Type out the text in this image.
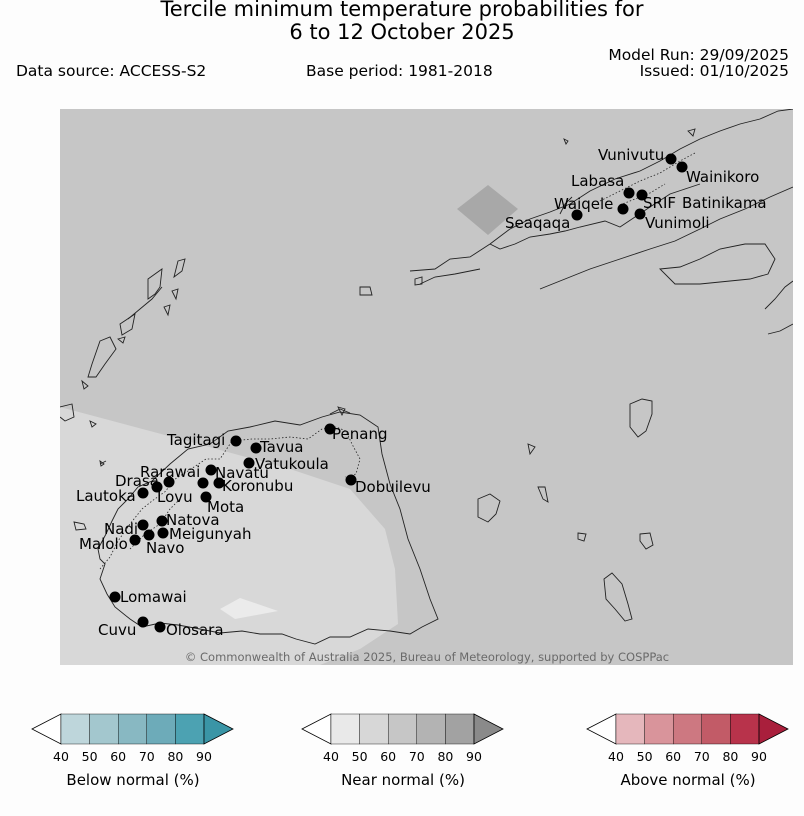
Tercile minimum temperature probabilities for
6 to 12 October 2025
Data source: ACCESS-S2	Base period: 1981-2018
Model Run: 29/09/2025
Issued: 01/10/2025
Vunivutu
Wainikoro
Labasa
Waiqele SRIF Batinikama
Seaqaqa	Vunimoli
Tagitagi Tavua
Penang
Vatukoula
Rarawai Navatu
Drasa	Koronubu
Lautoka Lovu
Mota
Dobuilevu
Natova
Nadi Meigunyah
Malolo Navo
Lomawai
Cuvu Olosara
© Commonwealth of Australia 2025, Bureau of Meteorology, supported by COSPPac
40	50	60	70	80	90	40	50	60	70	80	90	40	50	60	70	80	90
Below normal (%)	Near normal (%)	Above normal (%)
